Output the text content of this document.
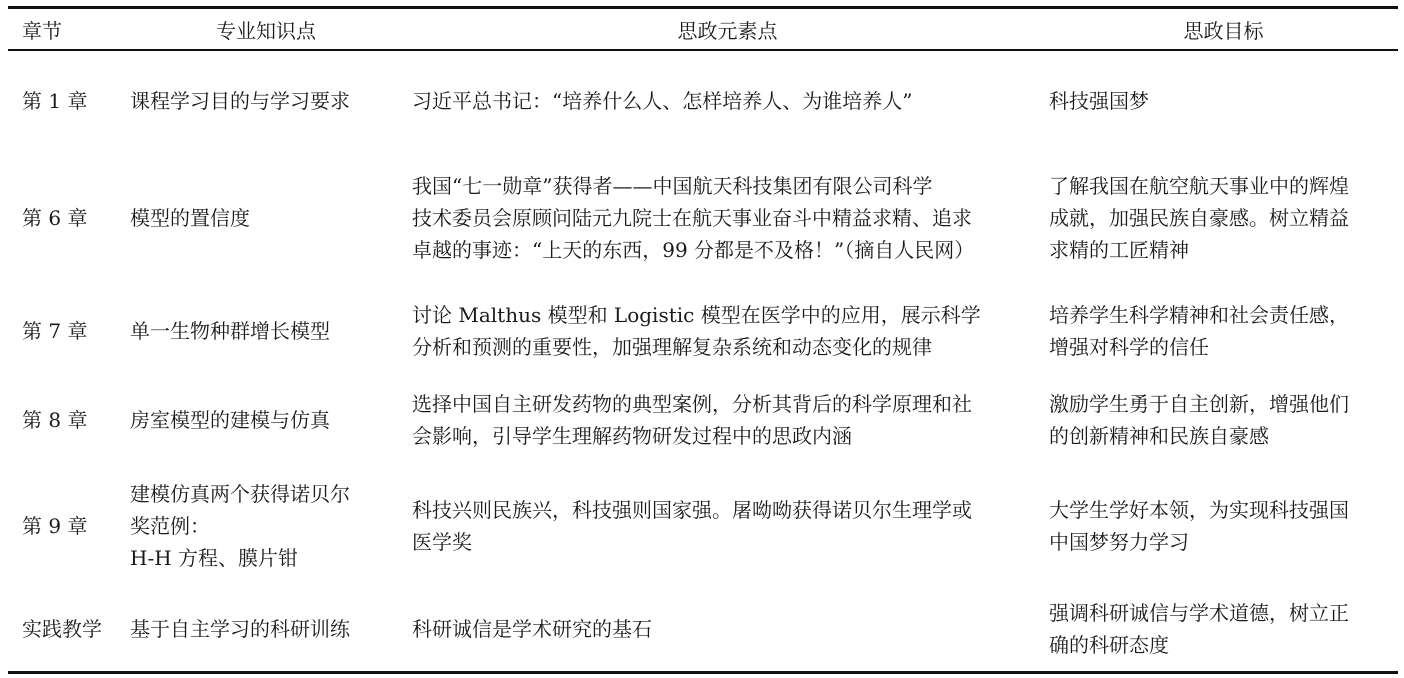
章节	专业知识点	思政元素点	思政目标
第 1 章	课程学习目的与学习要求	习近平总书记：“培养什么人、怎样培养人、为谁培养人”	科技强国梦

第 6 章	模型的置信度	我国“七一勋章”获得者——中国航天科技集团有限公司科学
技术委员会原顾问陆元九院士在航天事业奋斗中精益求精、追求
卓越的事迹：“上天的东西，99 分都是不及格！”（摘自人民网）	了解我国在航空航天事业中的辉煌
成就，加强民族自豪感。树立精益
求精的工匠精神

第 7 章	单一生物种群增长模型	讨论 Malthus 模型和 Logistic 模型在医学中的应用，展示科学
分析和预测的重要性，加强理解复杂系统和动态变化的规律	培养学生科学精神和社会责任感，
增强对科学的信任

第 8 章	房室模型的建模与仿真	选择中国自主研发药物的典型案例，分析其背后的科学原理和社
会影响，引导学生理解药物研发过程中的思政内涵	激励学生勇于自主创新，增强他们
的创新精神和民族自豪感

第 9 章	建模仿真两个获得诺贝尔
奖范例：
H-H 方程、膜片钳	科技兴则民族兴，科技强则国家强。屠呦呦获得诺贝尔生理学或
医学奖	大学生学好本领，为实现科技强国
中国梦努力学习

实践教学	基于自主学习的科研训练	科研诚信是学术研究的基石	强调科研诚信与学术道德，树立正
确的科研态度
